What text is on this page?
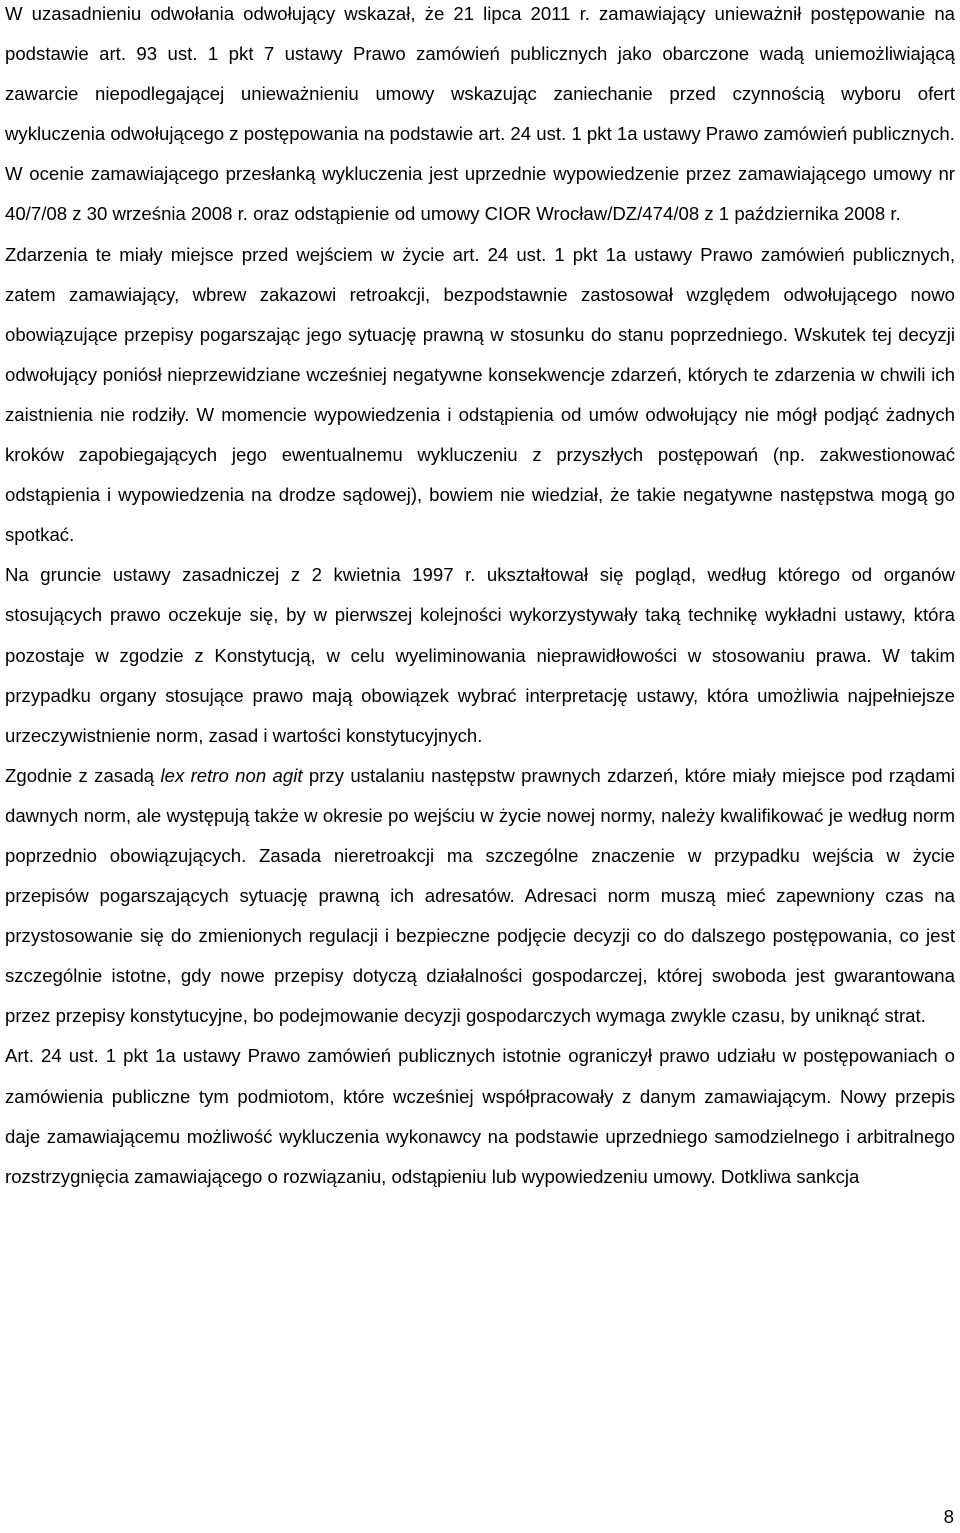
W uzasadnieniu odwołania odwołujący wskazał, że 21 lipca 2011 r. zamawiający unieważnił postępowanie na podstawie art. 93 ust. 1 pkt 7 ustawy Prawo zamówień publicznych jako obarczone wadą uniemożliwiającą zawarcie niepodlegającej unieważnieniu umowy wskazując zaniechanie przed czynnością wyboru ofert wykluczenia odwołującego z postępowania na podstawie art. 24 ust. 1 pkt 1a ustawy Prawo zamówień publicznych.

W ocenie zamawiającego przesłanką wykluczenia jest uprzednie wypowiedzenie przez zamawiającego umowy nr 40/7/08 z 30 września 2008 r. oraz odstąpienie od umowy CIOR Wrocław/DZ/474/08 z 1 października 2008 r.

Zdarzenia te miały miejsce przed wejściem w życie art. 24 ust. 1 pkt 1a ustawy Prawo zamówień publicznych, zatem zamawiający, wbrew zakazowi retroakcji, bezpodstawnie zastosował względem odwołującego nowo obowiązujące przepisy pogarszając jego sytuację prawną w stosunku do stanu poprzedniego. Wskutek tej decyzji odwołujący poniósł nieprzewidziane wcześniej negatywne konsekwencje zdarzeń, których te zdarzenia w chwili ich zaistnienia nie rodziły. W momencie wypowiedzenia i odstąpienia od umów odwołujący nie mógł podjąć żadnych kroków zapobiegających jego ewentualnemu wykluczeniu z przyszłych postępowań (np. zakwestionować odstąpienia i wypowiedzenia na drodze sądowej), bowiem nie wiedział, że takie negatywne następstwa mogą go spotkać.

Na gruncie ustawy zasadniczej z 2 kwietnia 1997 r. ukształtował się pogląd, według którego od organów stosujących prawo oczekuje się, by w pierwszej kolejności wykorzystywały taką technikę wykładni ustawy, która pozostaje w zgodzie z Konstytucją, w celu wyeliminowania nieprawidłowości w stosowaniu prawa. W takim przypadku organy stosujące prawo mają obowiązek wybrać interpretację ustawy, która umożliwia najpełniejsze urzeczywistnienie norm, zasad i wartości konstytucyjnych.

Zgodnie z zasadą lex retro non agit przy ustalaniu następstw prawnych zdarzeń, które miały miejsce pod rządami dawnych norm, ale występują także w okresie po wejściu w życie nowej normy, należy kwalifikować je według norm poprzednio obowiązujących. Zasada nieretroakcji ma szczególne znaczenie w przypadku wejścia w życie przepisów pogarszających sytuację prawną ich adresatów. Adresaci norm muszą mieć zapewniony czas na przystosowanie się do zmienionych regulacji i bezpieczne podjęcie decyzji co do dalszego postępowania, co jest szczególnie istotne, gdy nowe przepisy dotyczą działalności gospodarczej, której swoboda jest gwarantowana przez przepisy konstytucyjne, bo podejmowanie decyzji gospodarczych wymaga zwykle czasu, by uniknąć strat.

Art. 24 ust. 1 pkt 1a ustawy Prawo zamówień publicznych istotnie ograniczył prawo udziału w postępowaniach o zamówienia publiczne tym podmiotom, które wcześniej współpracowały z danym zamawiającym. Nowy przepis daje zamawiającemu możliwość wykluczenia wykonawcy na podstawie uprzedniego samodzielnego i arbitralnego rozstrzygnięcia zamawiającego o rozwiązaniu, odstąpieniu lub wypowiedzeniu umowy. Dotkliwa sankcja

8
